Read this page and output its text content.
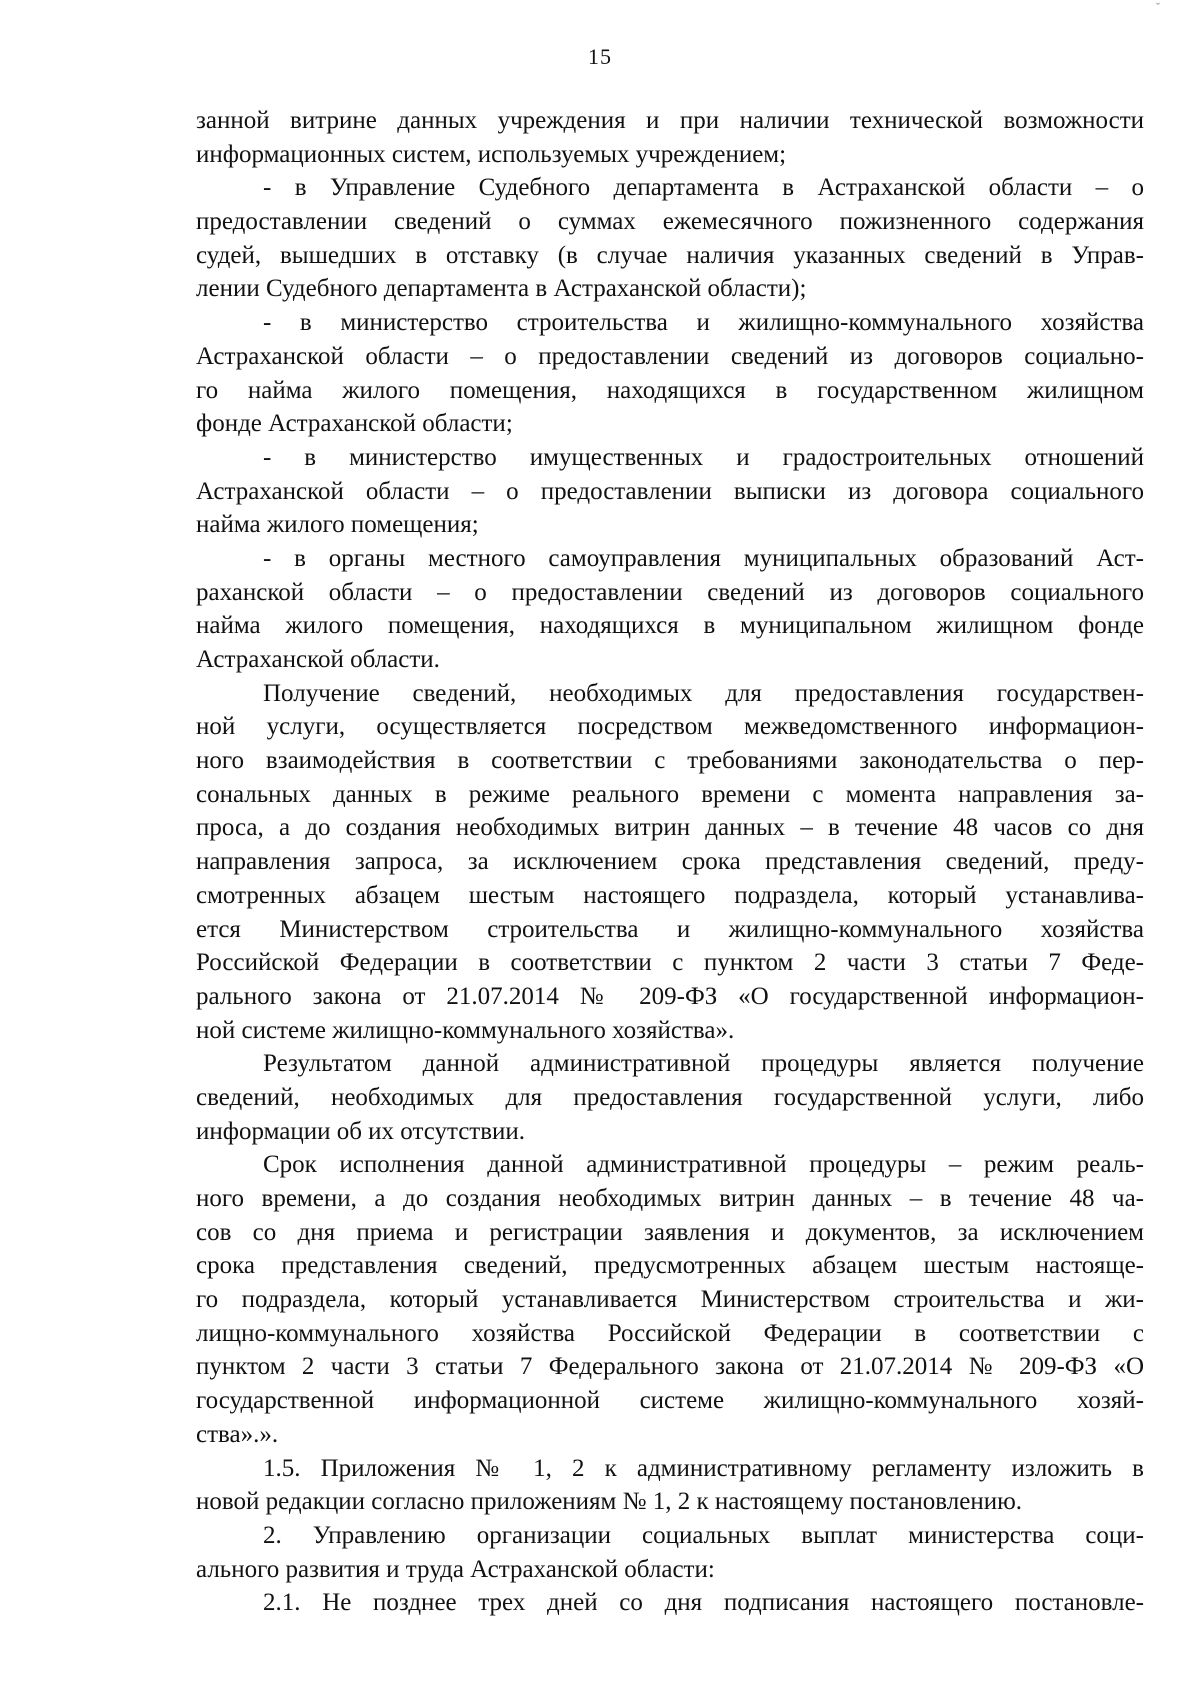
ˇ
15
занной витрине данных учреждения и при наличии технической возможности
информационных систем, используемых учреждением;
- в Управление Судебного департамента в Астраханской области – о
предоставлении сведений о суммах ежемесячного пожизненного содержания
судей, вышедших в отставку (в случае наличия указанных сведений в Управ-
лении Судебного департамента в Астраханской области);
- в министерство строительства и жилищно-коммунального хозяйства
Астраханской области – о предоставлении сведений из договоров социально-
го найма жилого помещения, находящихся в государственном жилищном
фонде Астраханской области;
- в министерство имущественных и градостроительных отношений
Астраханской области – о предоставлении выписки из договора социального
найма жилого помещения;
- в органы местного самоуправления муниципальных образований Аст-
раханской области – о предоставлении сведений из договоров социального
найма жилого помещения, находящихся в муниципальном жилищном фонде
Астраханской области.
Получение сведений, необходимых для предоставления государствен-
ной услуги, осуществляется посредством межведомственного информацион-
ного взаимодействия в соответствии с требованиями законодательства о пер-
сональных данных в режиме реального времени с момента направления за-
проса, а до создания необходимых витрин данных – в течение 48 часов со дня
направления запроса, за исключением срока представления сведений, преду-
смотренных абзацем шестым настоящего подраздела, который устанавлива-
ется Министерством строительства и жилищно-коммунального хозяйства
Российской Федерации в соответствии с пунктом 2 части 3 статьи 7 Феде-
рального закона от 21.07.2014 № 209-ФЗ «О государственной информацион-
ной системе жилищно-коммунального хозяйства».
Результатом данной административной процедуры является получение
сведений, необходимых для предоставления государственной услуги, либо
информации об их отсутствии.
Срок исполнения данной административной процедуры – режим реаль-
ного времени, а до создания необходимых витрин данных – в течение 48 ча-
сов со дня приема и регистрации заявления и документов, за исключением
срока представления сведений, предусмотренных абзацем шестым настояще-
го подраздела, который устанавливается Министерством строительства и жи-
лищно-коммунального хозяйства Российской Федерации в соответствии с
пунктом 2 части 3 статьи 7 Федерального закона от 21.07.2014 № 209-ФЗ «О
государственной информационной системе жилищно-коммунального хозяй-
ства».».
1.5. Приложения № 1, 2 к административному регламенту изложить в
новой редакции согласно приложениям № 1, 2 к настоящему постановлению.
2. Управлению организации социальных выплат министерства соци-
ального развития и труда Астраханской области:
2.1. Не позднее трех дней со дня подписания настоящего постановле-
